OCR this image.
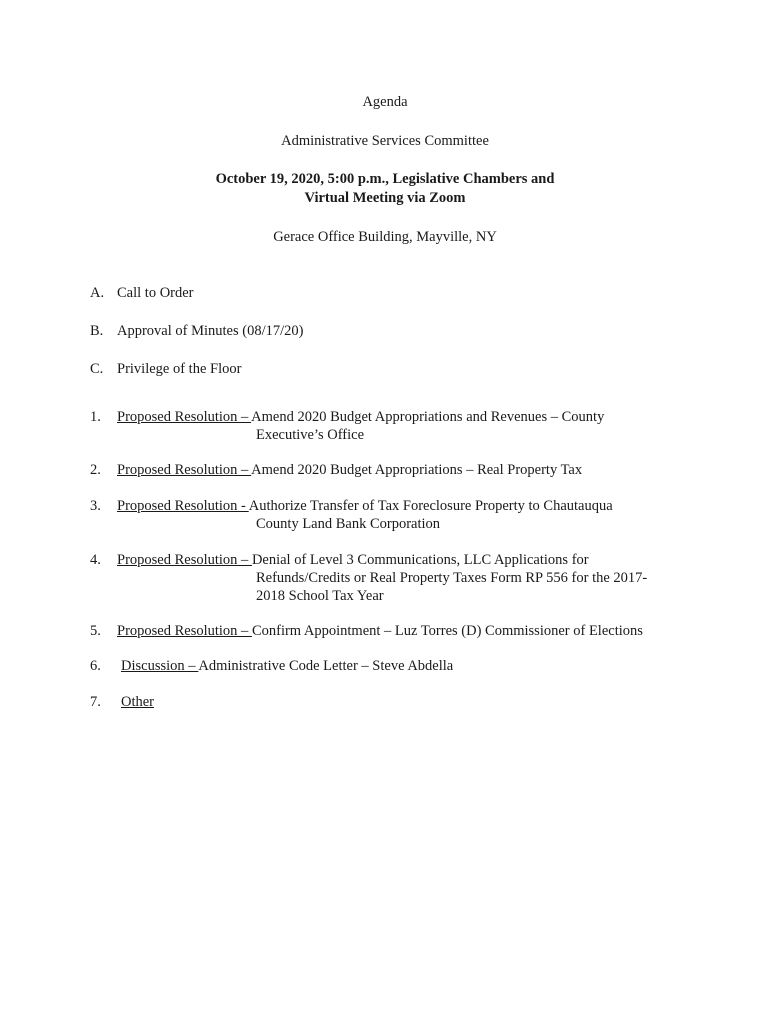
Agenda
Administrative Services Committee
October 19, 2020, 5:00 p.m., Legislative Chambers and
Virtual Meeting via Zoom
Gerace Office Building, Mayville, NY
A. Call to Order
B. Approval of Minutes (08/17/20)
C. Privilege of the Floor
1. Proposed Resolution – Amend 2020 Budget Appropriations and Revenues – County
Executive’s Office
2. Proposed Resolution – Amend 2020 Budget Appropriations – Real Property Tax
3. Proposed Resolution - Authorize Transfer of Tax Foreclosure Property to Chautauqua
County Land Bank Corporation
4. Proposed Resolution – Denial of Level 3 Communications, LLC Applications for
Refunds/Credits or Real Property Taxes Form RP 556 for the 2017-
2018 School Tax Year
5. Proposed Resolution – Confirm Appointment – Luz Torres (D) Commissioner of Elections
6. Discussion – Administrative Code Letter – Steve Abdella
7. Other
